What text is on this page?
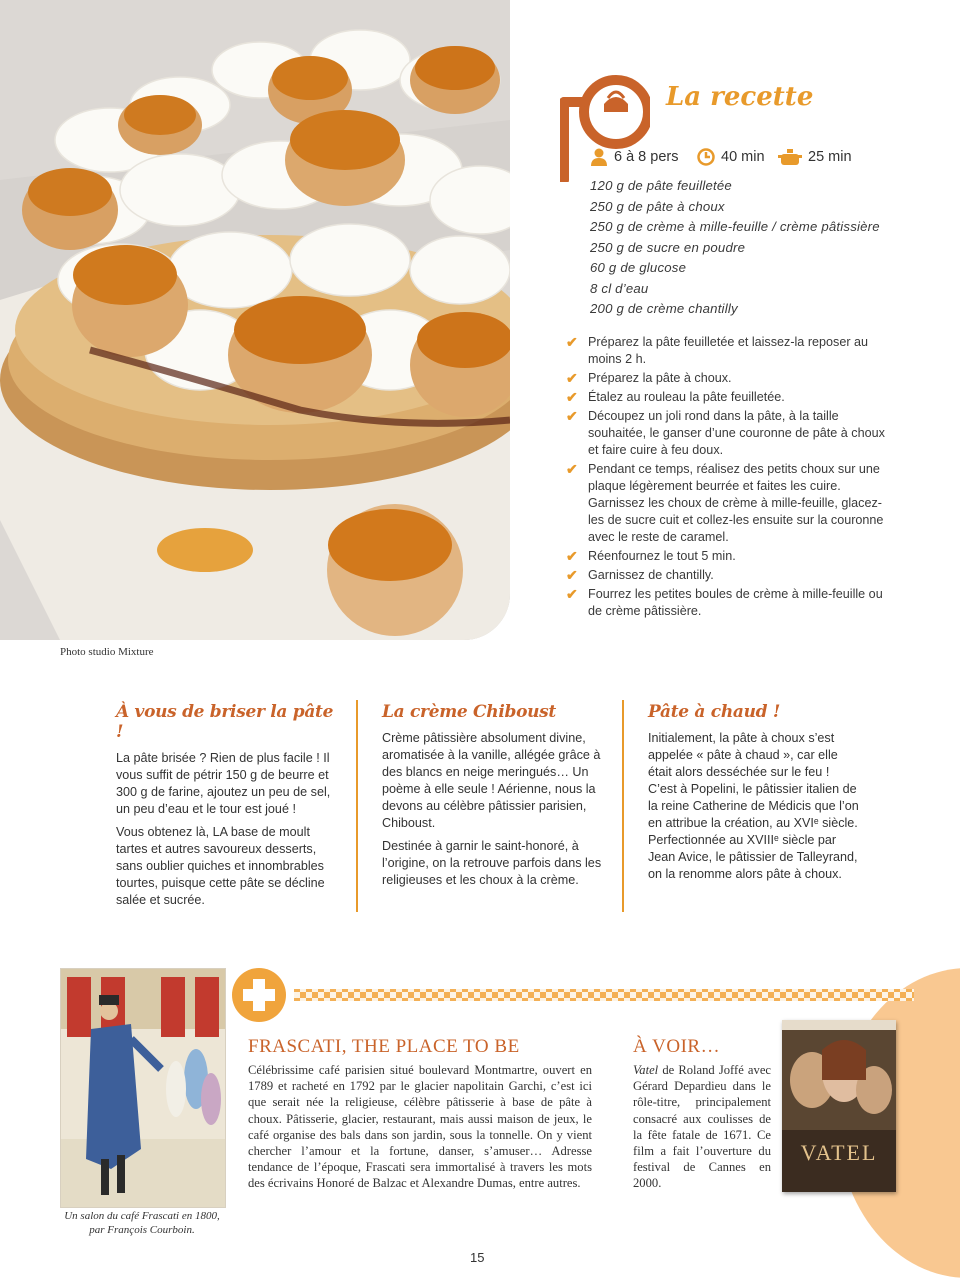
Photo studio Mixture
La recette
6 à 8 pers	40 min	25 min
120 g de pâte feuilletée
250 g de pâte à choux
250 g de crème à mille-feuille / crème pâtissière
250 g de sucre en poudre
60 g de glucose
8 cl d’eau
200 g de crème chantilly
✔ Préparez la pâte feuilletée et laissez-la reposer au moins 2 h.
✔ Préparez la pâte à choux.
✔ Étalez au rouleau la pâte feuilletée.
✔ Découpez un joli rond dans la pâte, à la taille souhaitée, le ganser d’une couronne de pâte à choux et faire cuire à feu doux.
✔ Pendant ce temps, réalisez des petits choux sur une plaque légèrement beurrée et faites les cuire. Garnissez les choux de crème à mille-feuille, glacez-les de sucre cuit et collez-les ensuite sur la couronne avec le reste de caramel.
✔ Réenfournez le tout 5 min.
✔ Garnissez de chantilly.
✔ Fourrez les petites boules de crème à mille-feuille ou de crème pâtissière.
À vous de briser la pâte !

La pâte brisée ? Rien de plus facile ! Il vous suffit de pétrir 150 g de beurre et 300 g de farine, ajoutez un peu de sel, un peu d’eau et le tour est joué !

Vous obtenez là, LA base de moult tartes et autres savoureux desserts, sans oublier quiches et innombrables tourtes, puisque cette pâte se décline salée et sucrée.

La crème Chiboust

Crème pâtissière absolument divine, aromatisée à la vanille, allégée grâce à des blancs en neige meringués… Un poème à elle seule ! Aérienne, nous la devons au célèbre pâtissier parisien, Chiboust.

Destinée à garnir le saint-honoré, à l’origine, on la retrouve parfois dans les religieuses et les choux à la crème.

Pâte à chaud !

Initialement, la pâte à choux s’est appelée « pâte à chaud », car elle était alors desséchée sur le feu ! C’est à Popelini, le pâtissier italien de la reine Catherine de Médicis que l’on en attribue la création, au XVIᵉ siècle. Perfectionnée au XVIIIᵉ siècle par Jean Avice, le pâtissier de Talleyrand, on la renomme alors pâte à choux.

Un salon du café Frascati en 1800,
par François Courboin.
FRASCATI, THE PLACE TO BE

Célébrissime café parisien situé boulevard Montmartre, ouvert en 1789 et racheté en 1792 par le glacier napolitain Garchi, c’est ici que serait née la religieuse, célèbre pâtisserie à base de pâte à choux. Pâtisserie, glacier, restaurant, mais aussi maison de jeux, le café organise des bals dans son jardin, sous la tonnelle. On y vient chercher l’amour et la fortune, danser, s’amuser… Adresse tendance de l’époque, Frascati sera immortalisé à travers les mots des écrivains Honoré de Balzac et Alexandre Dumas, entre autres.

À VOIR…

Vatel de Roland Joffé avec Gérard Depardieu dans le rôle-titre, principalement consacré aux coulisses de la fête fatale de 1671. Ce film a fait l’ouverture du festival de Cannes en 2000.

VATEL
15
